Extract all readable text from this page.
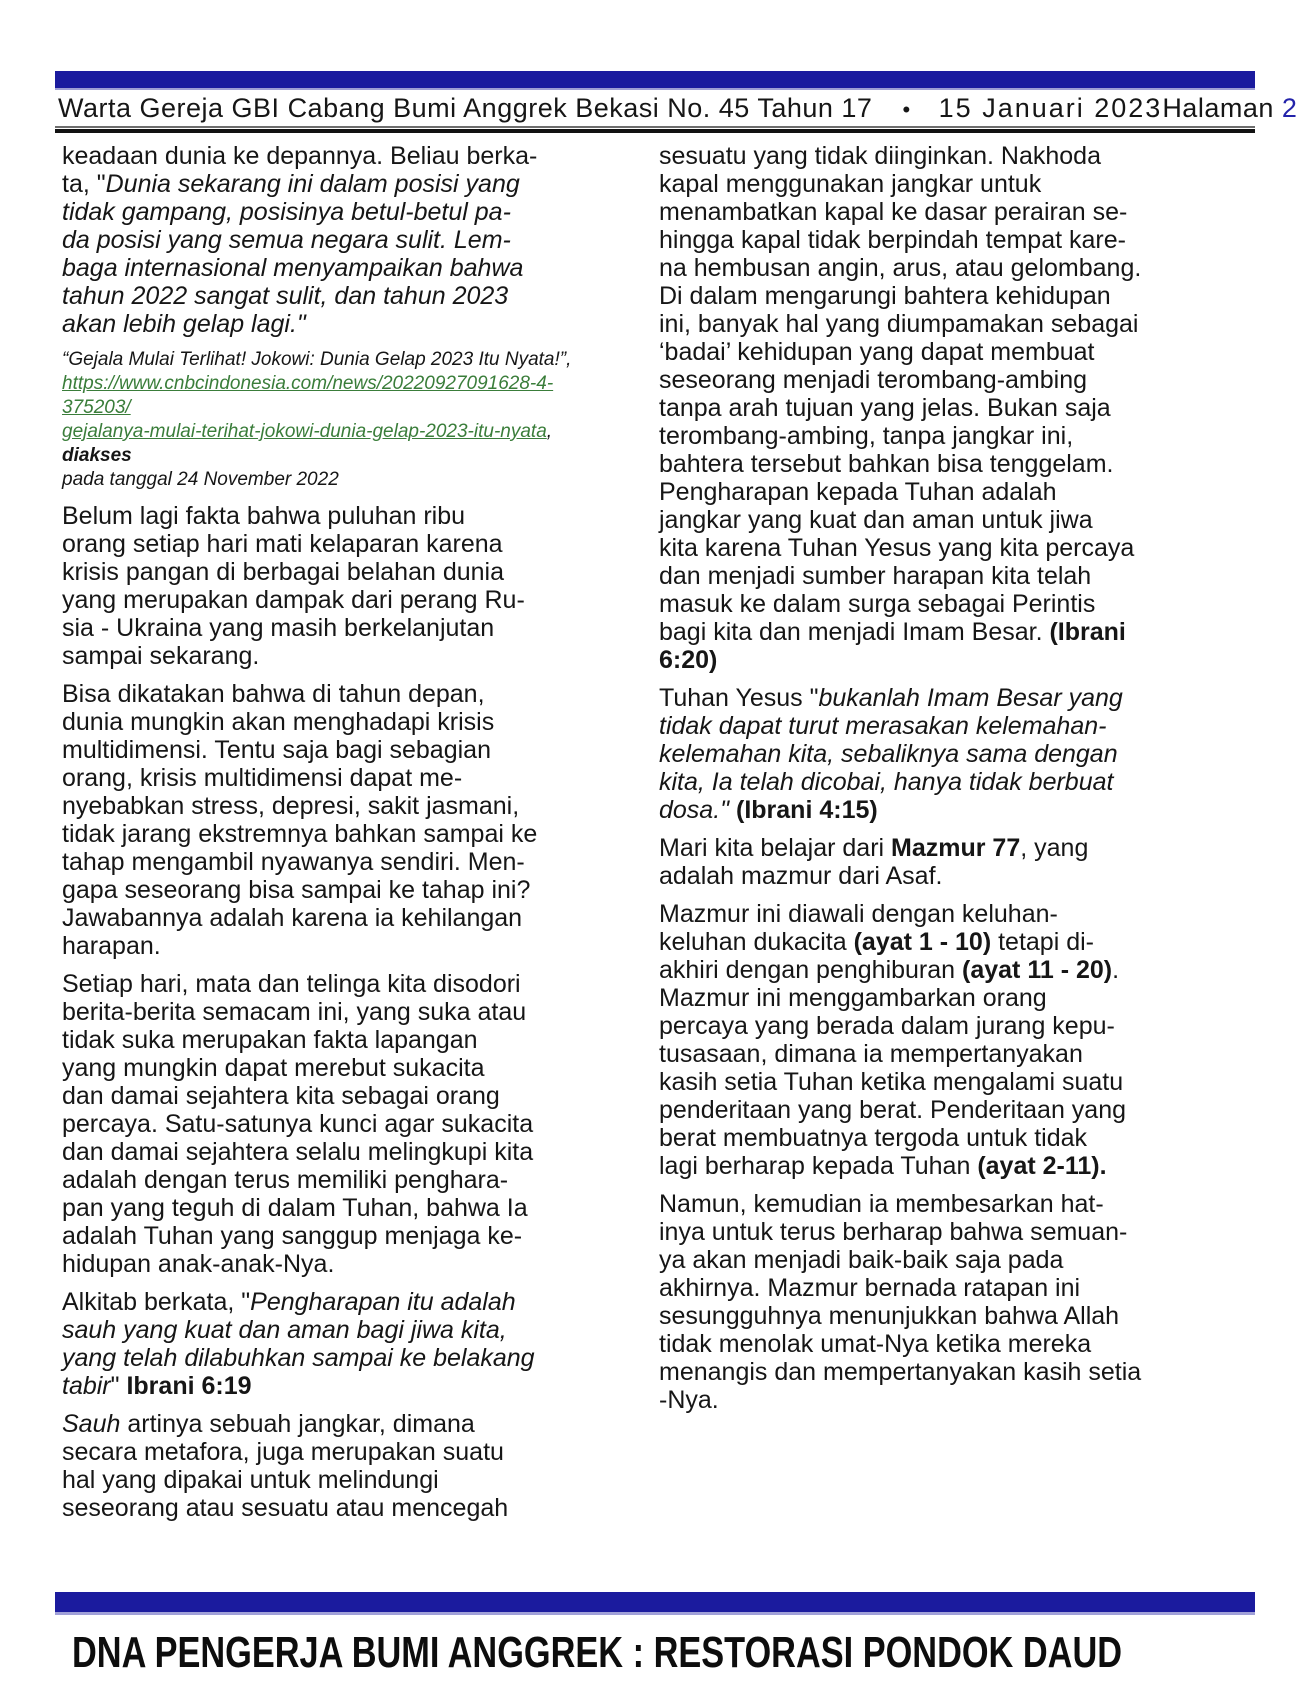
Warta Gereja GBI Cabang Bumi Anggrek Bekasi No. 45 Tahun 17 • 15 Januari 2023 Halaman 2

keadaan dunia ke depannya. Beliau berka-
ta, "Dunia sekarang ini dalam posisi yang
tidak gampang, posisinya betul-betul pa-
da posisi yang semua negara sulit. Lem-
baga internasional menyampaikan bahwa
tahun 2022 sangat sulit, dan tahun 2023
akan lebih gelap lagi."

“Gejala Mulai Terlihat! Jokowi: Dunia Gelap 2023 Itu Nyata!”,
https://www.cnbcindonesia.com/news/20220927091628-4-375203/
gejalanya-mulai-terihat-jokowi-dunia-gelap-2023-itu-nyata, diakses
pada tanggal 24 November 2022

Belum lagi fakta bahwa puluhan ribu
orang setiap hari mati kelaparan karena
krisis pangan di berbagai belahan dunia
yang merupakan dampak dari perang Ru-
sia - Ukraina yang masih berkelanjutan
sampai sekarang.

Bisa dikatakan bahwa di tahun depan,
dunia mungkin akan menghadapi krisis
multidimensi. Tentu saja bagi sebagian
orang, krisis multidimensi dapat me-
nyebabkan stress, depresi, sakit jasmani,
tidak jarang ekstremnya bahkan sampai ke
tahap mengambil nyawanya sendiri. Men-
gapa seseorang bisa sampai ke tahap ini?
Jawabannya adalah karena ia kehilangan
harapan.

Setiap hari, mata dan telinga kita disodori
berita-berita semacam ini, yang suka atau
tidak suka merupakan fakta lapangan
yang mungkin dapat merebut sukacita
dan damai sejahtera kita sebagai orang
percaya. Satu-satunya kunci agar sukacita
dan damai sejahtera selalu melingkupi kita
adalah dengan terus memiliki penghara-
pan yang teguh di dalam Tuhan, bahwa Ia
adalah Tuhan yang sanggup menjaga ke-
hidupan anak-anak-Nya.

Alkitab berkata, "Pengharapan itu adalah
sauh yang kuat dan aman bagi jiwa kita,
yang telah dilabuhkan sampai ke belakang
tabir" Ibrani 6:19

Sauh artinya sebuah jangkar, dimana
secara metafora, juga merupakan suatu
hal yang dipakai untuk melindungi
seseorang atau sesuatu atau mencegah

sesuatu yang tidak diinginkan. Nakhoda
kapal menggunakan jangkar untuk
menambatkan kapal ke dasar perairan se-
hingga kapal tidak berpindah tempat kare-
na hembusan angin, arus, atau gelombang.
Di dalam mengarungi bahtera kehidupan
ini, banyak hal yang diumpamakan sebagai
‘badai’ kehidupan yang dapat membuat
seseorang menjadi terombang-ambing
tanpa arah tujuan yang jelas. Bukan saja
terombang-ambing, tanpa jangkar ini,
bahtera tersebut bahkan bisa tenggelam.
Pengharapan kepada Tuhan adalah
jangkar yang kuat dan aman untuk jiwa
kita karena Tuhan Yesus yang kita percaya
dan menjadi sumber harapan kita telah
masuk ke dalam surga sebagai Perintis
bagi kita dan menjadi Imam Besar. (Ibrani
6:20)

Tuhan Yesus "bukanlah Imam Besar yang
tidak dapat turut merasakan kelemahan-
kelemahan kita, sebaliknya sama dengan
kita, Ia telah dicobai, hanya tidak berbuat
dosa." (Ibrani 4:15)

Mari kita belajar dari Mazmur 77, yang
adalah mazmur dari Asaf.

Mazmur ini diawali dengan keluhan-
keluhan dukacita (ayat 1 - 10) tetapi di-
akhiri dengan penghiburan (ayat 11 - 20).
Mazmur ini menggambarkan orang
percaya yang berada dalam jurang kepu-
tusasaan, dimana ia mempertanyakan
kasih setia Tuhan ketika mengalami suatu
penderitaan yang berat. Penderitaan yang
berat membuatnya tergoda untuk tidak
lagi berharap kepada Tuhan (ayat 2-11).

Namun, kemudian ia membesarkan hat-
inya untuk terus berharap bahwa semuan-
ya akan menjadi baik-baik saja pada
akhirnya. Mazmur bernada ratapan ini
sesungguhnya menunjukkan bahwa Allah
tidak menolak umat-Nya ketika mereka
menangis dan mempertanyakan kasih setia
-Nya.

DNA PENGERJA BUMI ANGGREK : RESTORASI PONDOK DAUD
